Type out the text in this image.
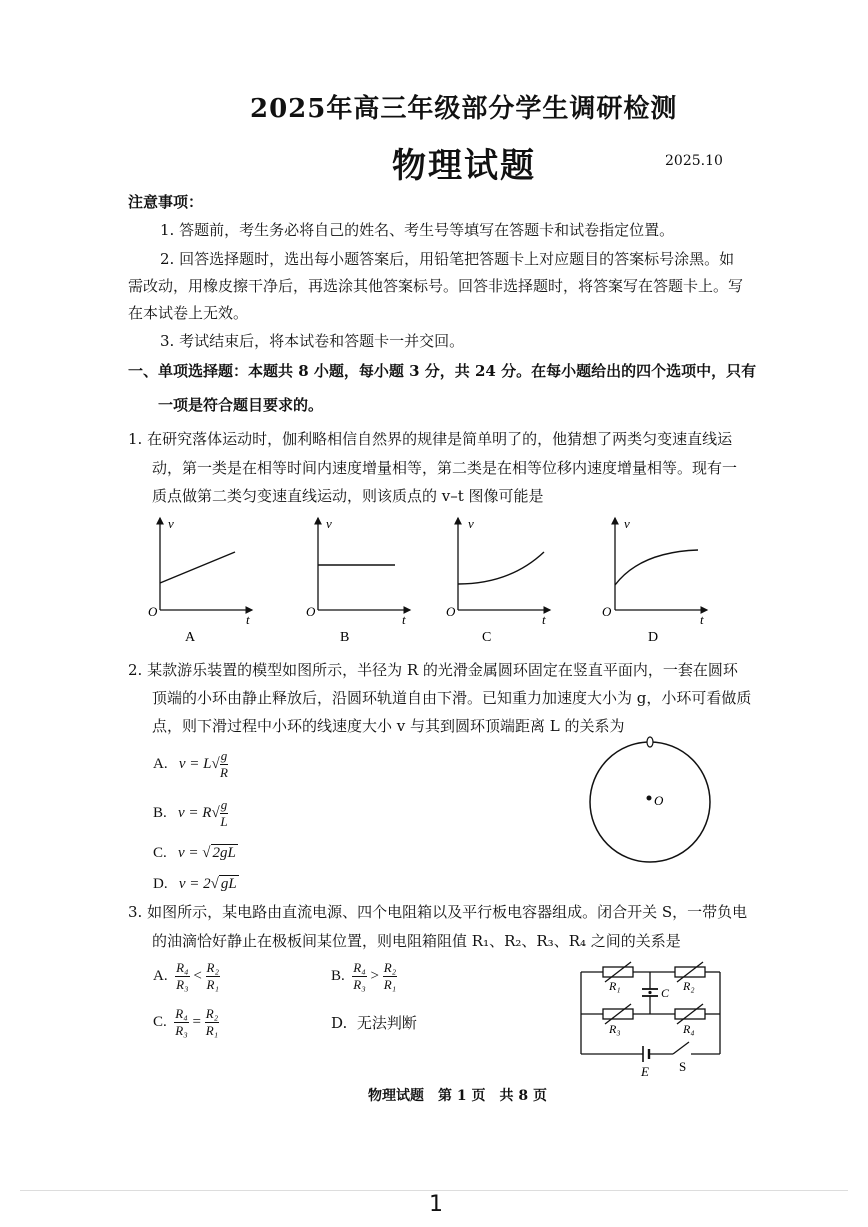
2025年高三年级部分学生调研检测
物理试题	2025.10
注意事项：
1. 答题前，考生务必将自己的姓名、考生号等填写在答题卡和试卷指定位置。
2. 回答选择题时，选出每小题答案后，用铅笔把答题卡上对应题目的答案标号涂黑。如
需改动，用橡皮擦干净后，再选涂其他答案标号。回答非选择题时，将答案写在答题卡上。写
在本试卷上无效。
3. 考试结束后，将本试卷和答题卡一并交回。
一、单项选择题：本题共 8 小题，每小题 3 分，共 24 分。在每小题给出的四个选项中，只有
一项是符合题目要求的。
1. 在研究落体运动时，伽利略相信自然界的规律是简单明了的，他猜想了两类匀变速直线运
动，第一类是在相等时间内速度增量相等，第二类是在相等位移内速度增量相等。现有一
质点做第二类匀变速直线运动，则该质点的 v–t 图像可能是
v
O
t
A
v
O
t
B
v
O
t
C
v
O
t
D
2. 某款游乐装置的模型如图所示，半径为 R 的光滑金属圆环固定在竖直平面内，一套在圆环
顶端的小环由静止释放后，沿圆环轨道自由下滑。已知重力加速度大小为 g，小环可看做质
点，则下滑过程中小环的线速度大小 v 与其到圆环顶端距离 L 的关系为
A. $v = L√ \frac{g}{R}$
B. $v = R√ \frac{g}{L}$
C. v = √ 2gL
D. v = 2√ gL
O
3. 如图所示，某电路由直流电源、四个电阻箱以及平行板电容器组成。闭合开关 S，一带负电
的油滴恰好静止在极板间某位置，则电阻箱阻值 R₁、R₂、R₃、R₄ 之间的关系是
A. $\frac{\text{R₄}}{\text{R₃}} < \frac{\text{R₂}}{\text{R₁}}$	B. $\frac{\text{R₄}}{\text{R₃}} > \frac{\text{R₂}}{\text{R₁}}$
C. $\frac{\text{R₄}}{\text{R₃}} = \frac{\text{R₂}}{\text{R₁}}$	D. 无法判断
R₁	R₂
C
R₃	R₄
E S
物理试题　第 1 页　共 8 页
1
